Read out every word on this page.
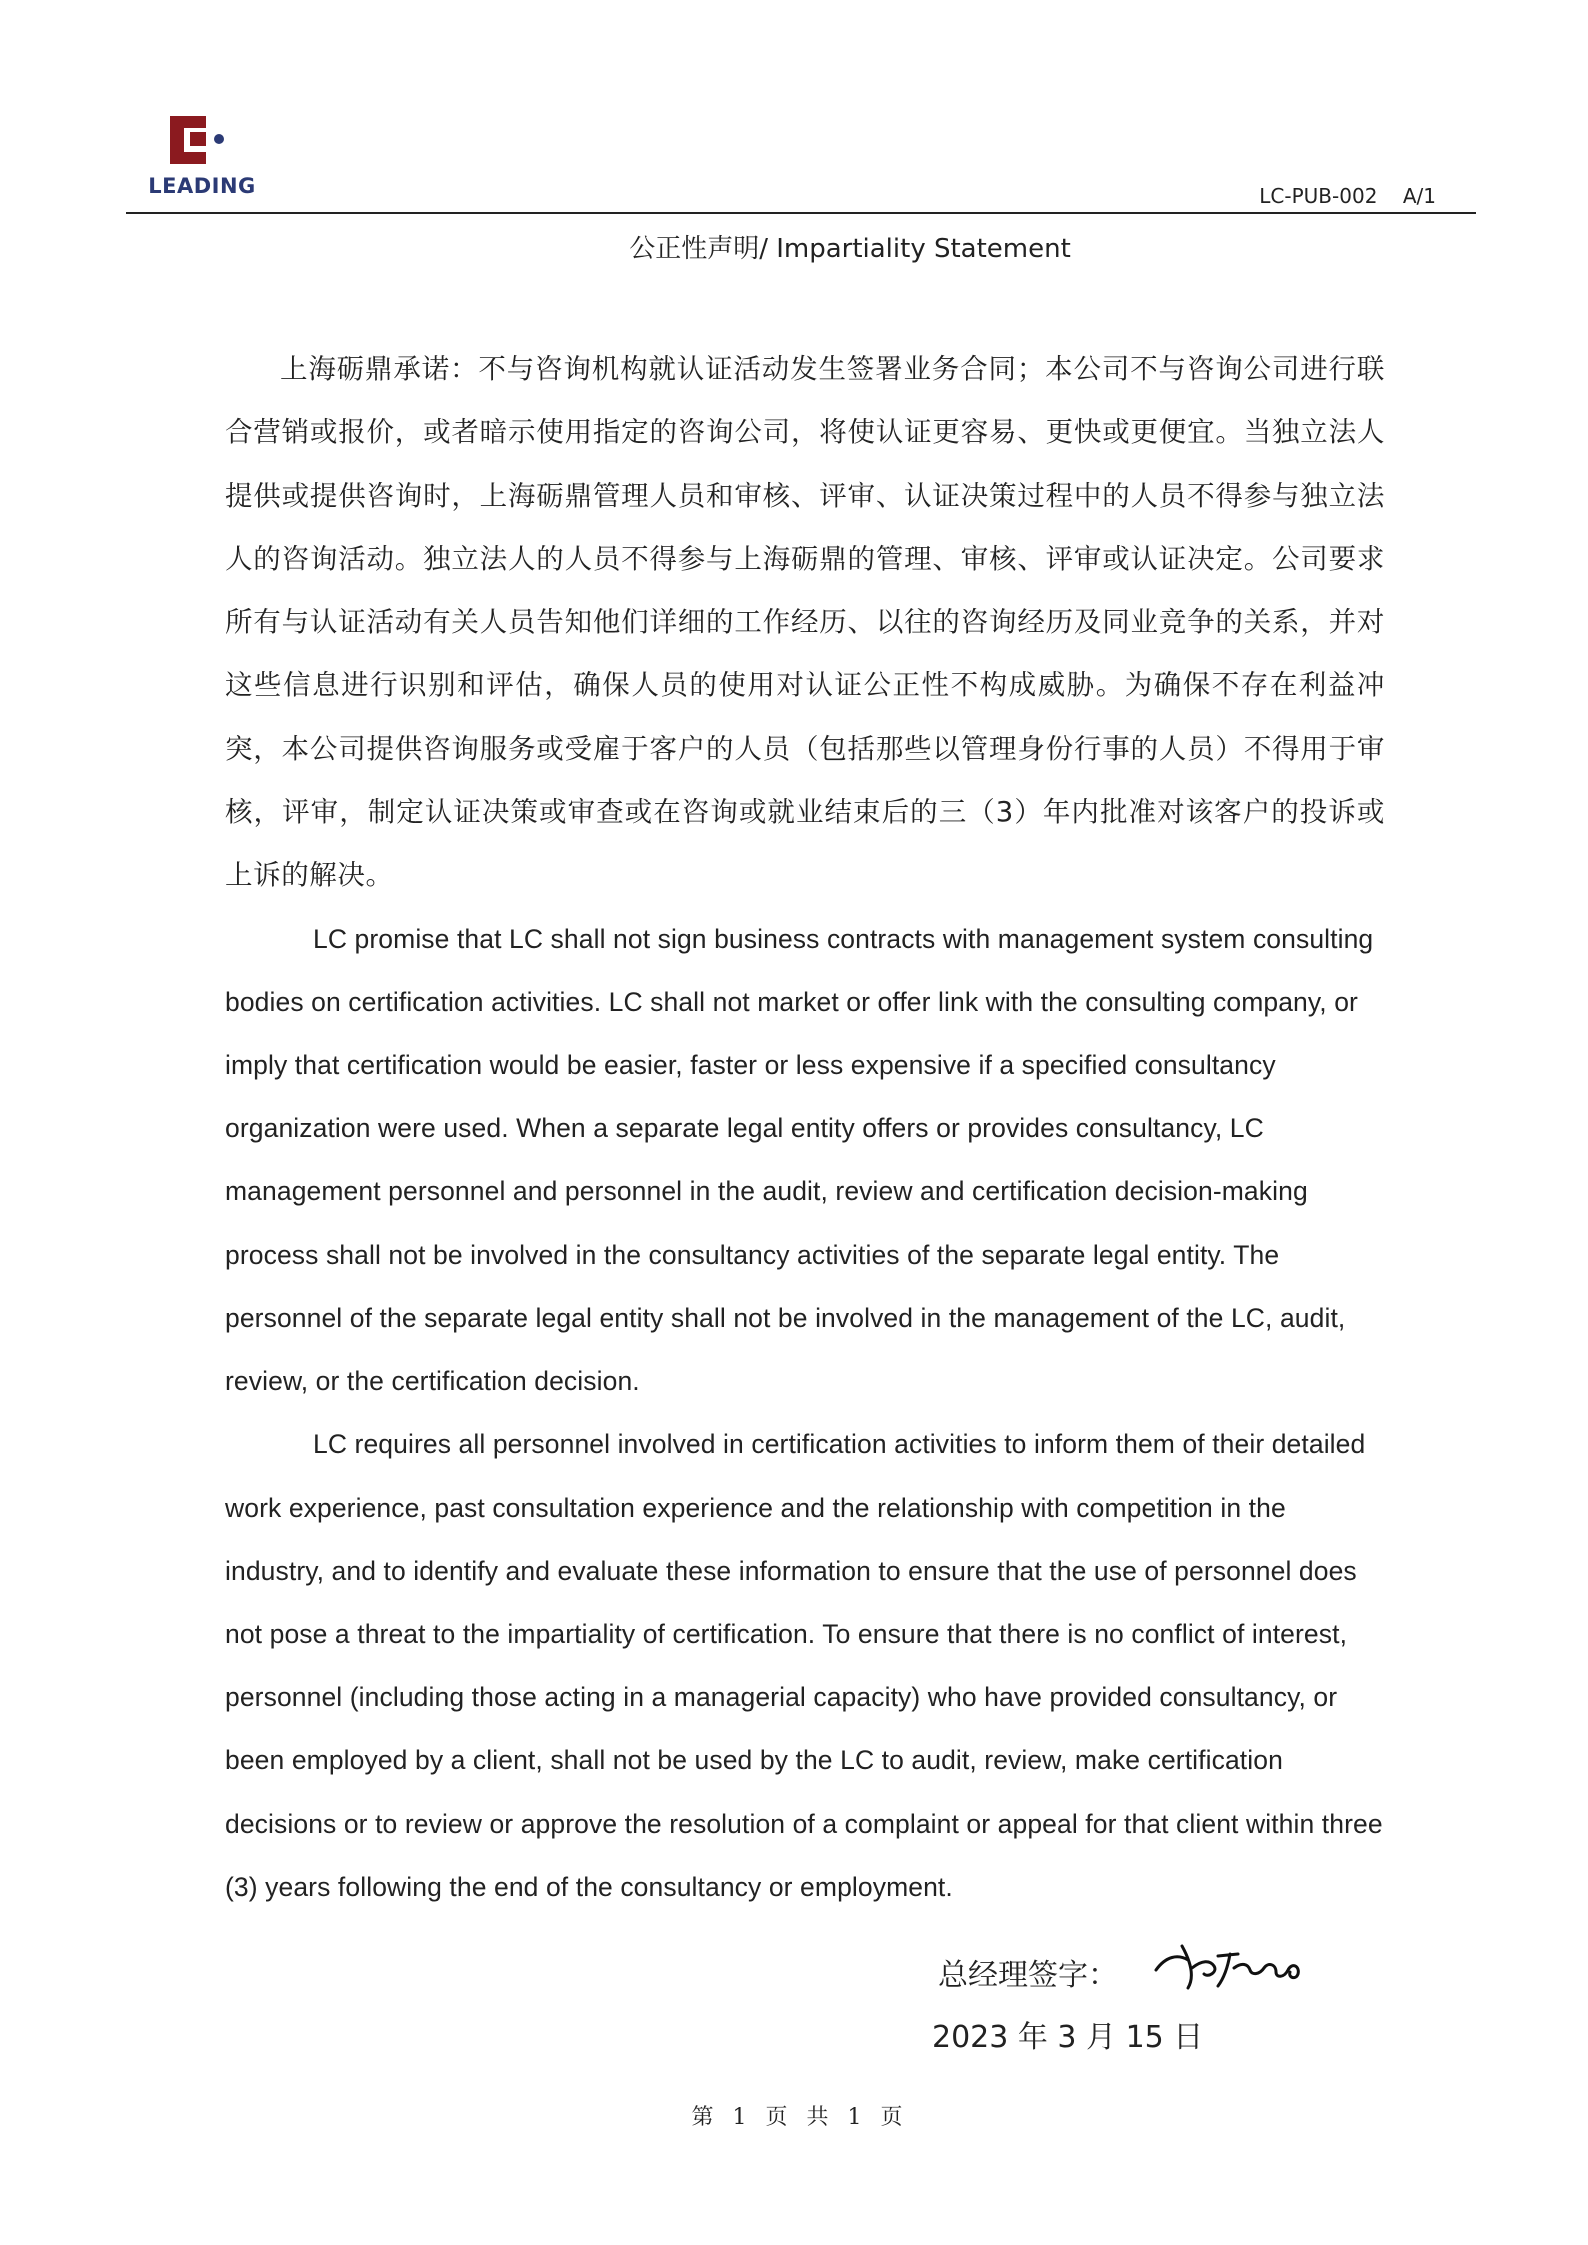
LEADING	LC-PUB-002    A/1
公正性声明/ Impartiality Statement

上海砺鼎承诺：不与咨询机构就认证活动发生签署业务合同；本公司不与咨询公司进行联合营销或报价，或者暗示使用指定的咨询公司，将使认证更容易、更快或更便宜。当独立法人提供或提供咨询时，上海砺鼎管理人员和审核、评审、认证决策过程中的人员不得参与独立法人的咨询活动。独立法人的人员不得参与上海砺鼎的管理、审核、评审或认证决定。公司要求所有与认证活动有关人员告知他们详细的工作经历、以往的咨询经历及同业竞争的关系，并对这些信息进行识别和评估，确保人员的使用对认证公正性不构成威胁。为确保不存在利益冲突，本公司提供咨询服务或受雇于客户的人员（包括那些以管理身份行事的人员）不得用于审核，评审，制定认证决策或审查或在咨询或就业结束后的三（3）年内批准对该客户的投诉或上诉的解决。

LC promise that LC shall not sign business contracts with management system consulting bodies on certification activities. LC shall not market or offer link with the consulting company, or imply that certification would be easier, faster or less expensive if a specified consultancy organization were used. When a separate legal entity offers or provides consultancy, LC management personnel and personnel in the audit, review and certification decision-making process shall not be involved in the consultancy activities of the separate legal entity. The personnel of the separate legal entity shall not be involved in the management of the LC, audit, review, or the certification decision.

LC requires all personnel involved in certification activities to inform them of their detailed work experience, past consultation experience and the relationship with competition in the industry, and to identify and evaluate these information to ensure that the use of personnel does not pose a threat to the impartiality of certification. To ensure that there is no conflict of interest, personnel (including those acting in a managerial capacity) who have provided consultancy, or been employed by a client, shall not be used by the LC to audit, review, make certification decisions or to review or approve the resolution of a complaint or appeal for that client within three (3) years following the end of the consultancy or employment.

总经理签字：
2023 年 3 月 15 日
第 1 页 共 1 页
